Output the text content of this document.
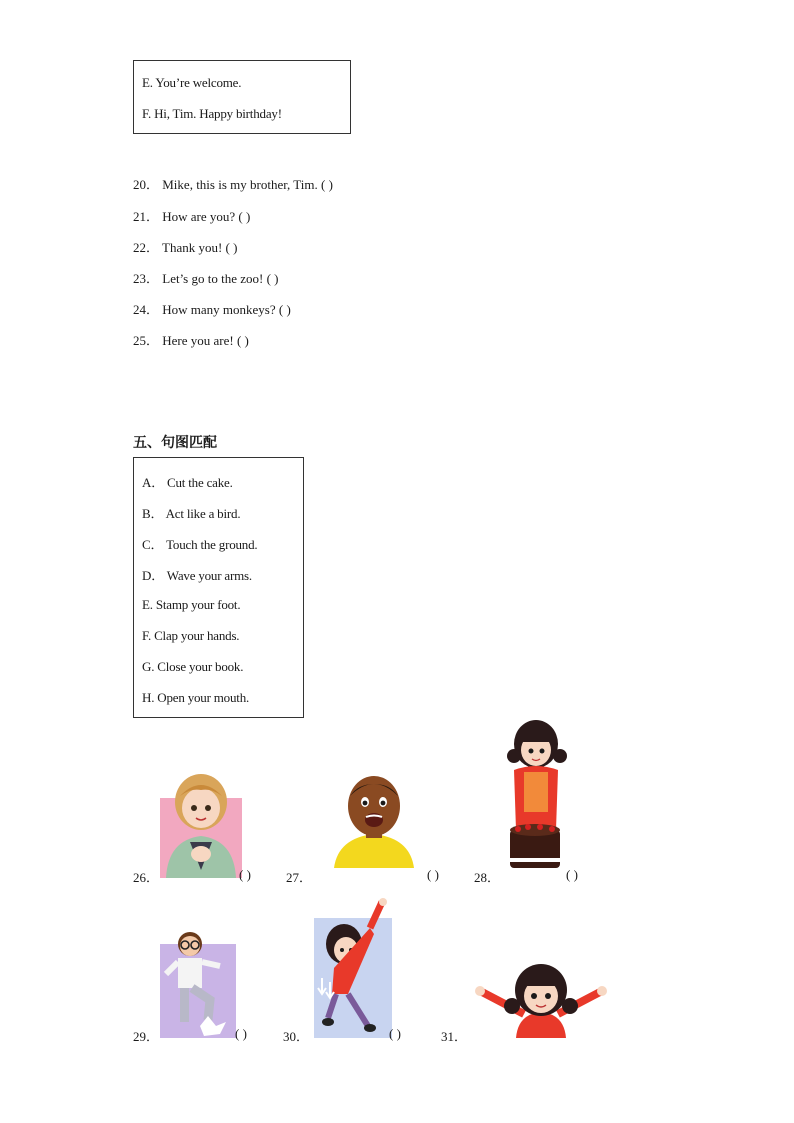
E. You’re welcome.
F. Hi, Tim. Happy birthday!
20． Mike, this is my brother, Tim. ( )
21． How are you? ( )
22． Thank you! ( )
23． Let’s go to the zoo! ( )
24． How many monkeys? ( )
25． Here you are! ( )
五、句图匹配
A． Cut the cake.
B． Act like a bird.
C． Touch the ground.
D． Wave your arms.
E. Stamp your foot.
F. Clap your hands.
G. Close your book.
H. Open your mouth.
26．	( )	27．	( )	28．	( )
29．	( )	30．	( )	31．
